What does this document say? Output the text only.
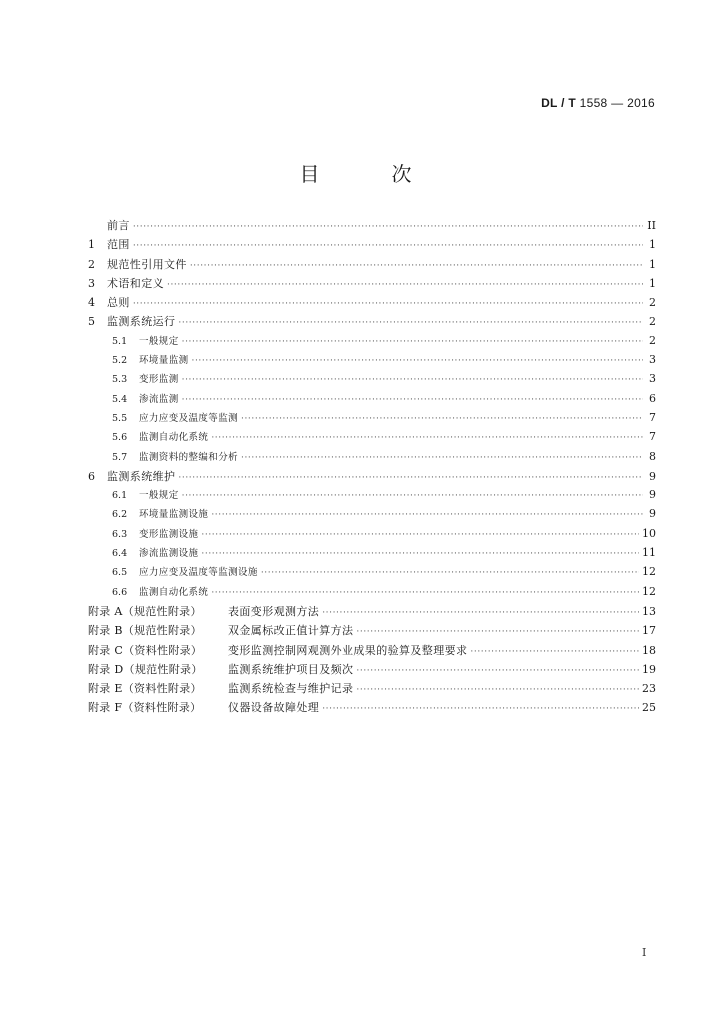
DL / T 1558 — 2016
目　次
前言 ·····	II
1	范围 ·····	1
2	规范性引用文件 ·····	1
3	术语和定义 ·····	1
4	总则 ·····	2
5	监测系统运行 ·····	2
5.1	一般规定 ·····	2
5.2	环境量监测 ·····	3
5.3	变形监测 ·····	3
5.4	渗流监测 ·····	6
5.5	应力应变及温度等监测 ·····	7
5.6	监测自动化系统 ·····	7
5.7	监测资料的整编和分析 ·····	8
6	监测系统维护 ·····	9
6.1	一般规定 ·····	9
6.2	环境量监测设施 ·····	9
6.3	变形监测设施 ·····	10
6.4	渗流监测设施 ·····	11
6.5	应力应变及温度等监测设施 ·····	12
6.6	监测自动化系统 ·····	12
附录 A（规范性附录）	表面变形观测方法 ·····	13
附录 B（规范性附录）	双金属标改正值计算方法 ·····	17
附录 C（资料性附录）	变形监测控制网观测外业成果的验算及整理要求 ·····	18
附录 D（规范性附录）	监测系统维护项目及频次 ·····	19
附录 E（资料性附录）	监测系统检查与维护记录 ·····	23
附录 F（资料性附录）	仪器设备故障处理 ·····	25
I
